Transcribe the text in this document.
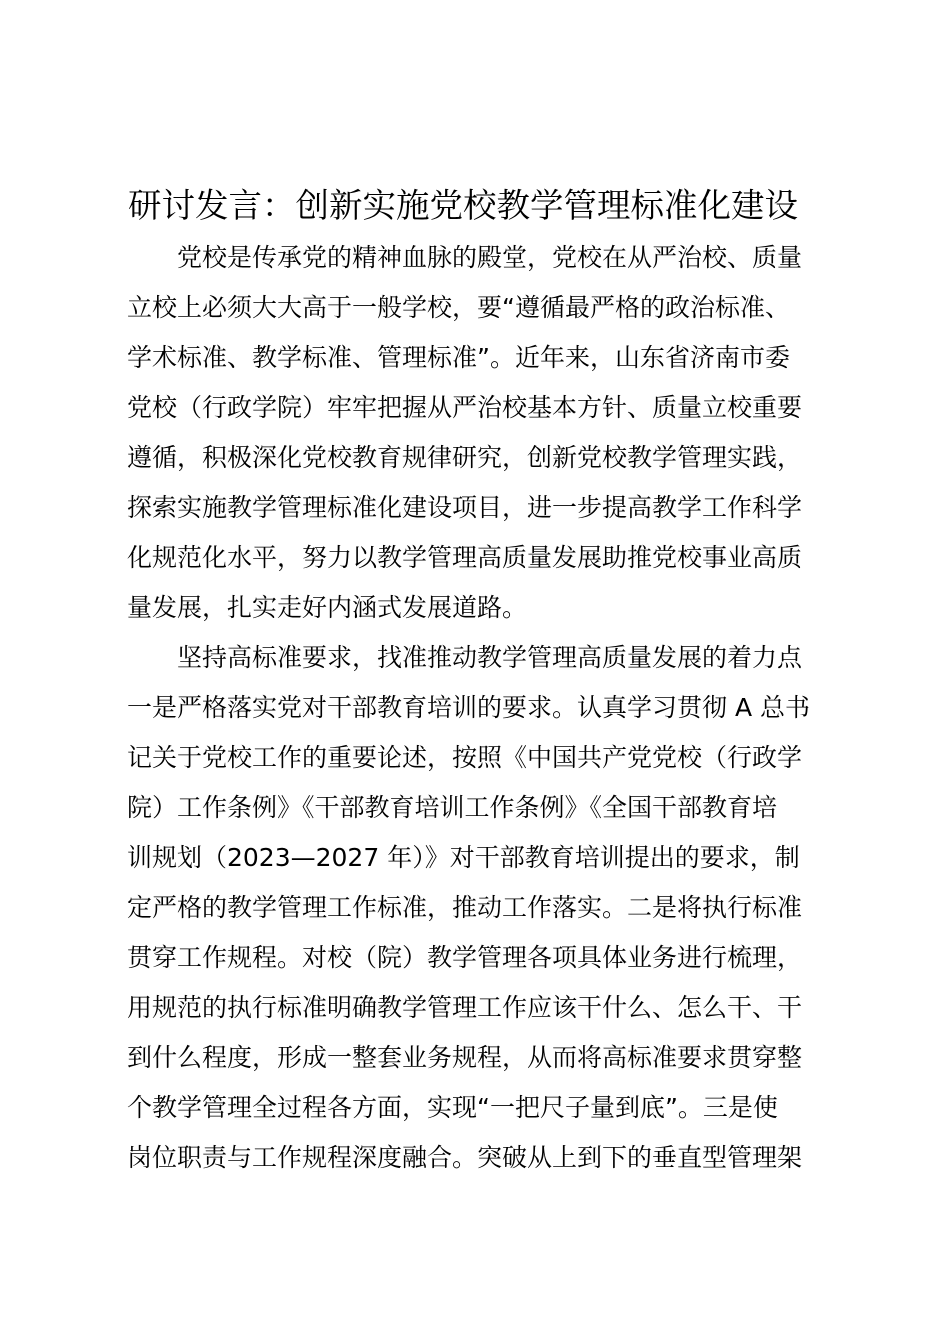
研讨发言：创新实施党校教学管理标准化建设
党校是传承党的精神血脉的殿堂，党校在从严治校、质量
立校上必须大大高于一般学校，要“遵循最严格的政治标准、
学术标准、教学标准、管理标准”。近年来，山东省济南市委
党校（行政学院）牢牢把握从严治校基本方针、质量立校重要
遵循，积极深化党校教育规律研究，创新党校教学管理实践，
探索实施教学管理标准化建设项目，进一步提高教学工作科学
化规范化水平，努力以教学管理高质量发展助推党校事业高质
量发展，扎实走好内涵式发展道路。
坚持高标准要求，找准推动教学管理高质量发展的着力点
一是严格落实党对干部教育培训的要求。认真学习贯彻 A 总书
记关于党校工作的重要论述，按照《中国共产党党校（行政学
院）工作条例》《干部教育培训工作条例》《全国干部教育培
训规划（2023—2027 年）》对干部教育培训提出的要求，制
定严格的教学管理工作标准，推动工作落实。二是将执行标准
贯穿工作规程。对校（院）教学管理各项具体业务进行梳理，
用规范的执行标准明确教学管理工作应该干什么、怎么干、干
到什么程度，形成一整套业务规程，从而将高标准要求贯穿整
个教学管理全过程各方面，实现“一把尺子量到底”。三是使
岗位职责与工作规程深度融合。突破从上到下的垂直型管理架
